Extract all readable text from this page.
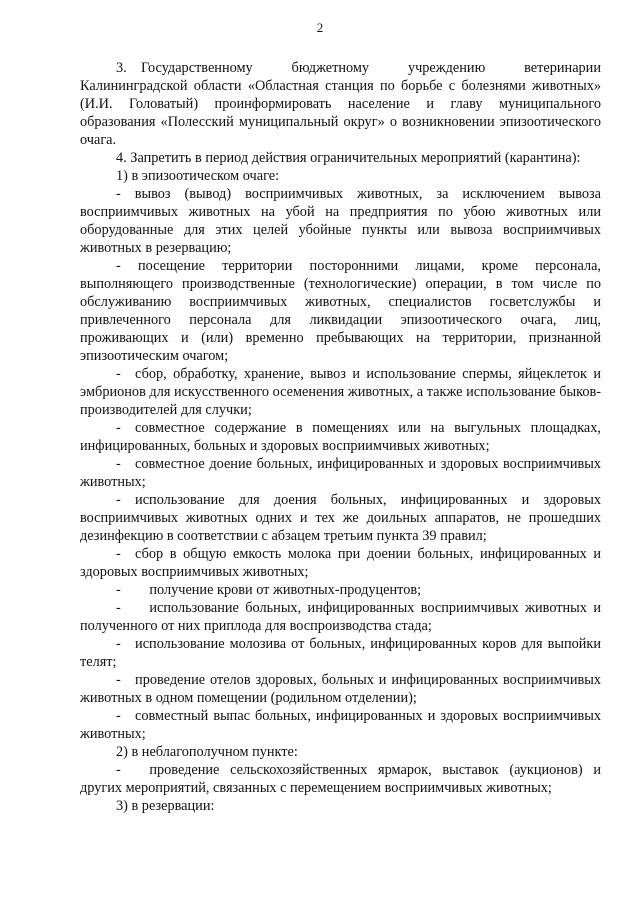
2

3. Государственному бюджетному учреждению ветеринарии Калининградской области «Областная станция по борьбе с болезнями животных» (И.И. Головатый) проинформировать население и главу муниципального образования «Полесский муниципальный округ» о возникновении эпизоотического очага.

4. Запретить в период действия ограничительных мероприятий (карантина):

1) в эпизоотическом очаге:

- вывоз (вывод) восприимчивых животных, за исключением вывоза восприимчивых животных на убой на предприятия по убою животных или оборудованные для этих целей убойные пункты или вывоза восприимчивых животных в резервацию;

- посещение территории посторонними лицами, кроме персонала, выполняющего производственные (технологические) операции, в том числе по обслуживанию восприимчивых животных, специалистов госветслужбы и привлеченного персонала для ликвидации эпизоотического очага, лиц, проживающих и (или) временно пребывающих на территории, признанной эпизоотическим очагом;

- сбор, обработку, хранение, вывоз и использование спермы, яйцеклеток и эмбрионов для искусственного осеменения животных, а также использование быков-производителей для случки;

- совместное содержание в помещениях или на выгульных площадках, инфицированных, больных и здоровых восприимчивых животных;

- совместное доение больных, инфицированных и здоровых восприимчивых животных;

- использование для доения больных, инфицированных и здоровых восприимчивых животных одних и тех же доильных аппаратов, не прошедших дезинфекцию в соответствии с абзацем третьим пункта 39 правил;

- сбор в общую емкость молока при доении больных, инфицированных и здоровых восприимчивых животных;

-  получение крови от животных-продуцентов;

-  использование больных, инфицированных восприимчивых животных и полученного от них приплода для воспроизводства стада;

- использование молозива от больных, инфицированных коров для выпойки телят;

- проведение отелов здоровых, больных и инфицированных восприимчивых животных в одном помещении (родильном отделении);

- совместный выпас больных, инфицированных и здоровых восприимчивых животных;

2) в неблагополучном пункте:

-  проведение сельскохозяйственных ярмарок, выставок (аукционов) и других мероприятий, связанных с перемещением восприимчивых животных;

3) в резервации:
